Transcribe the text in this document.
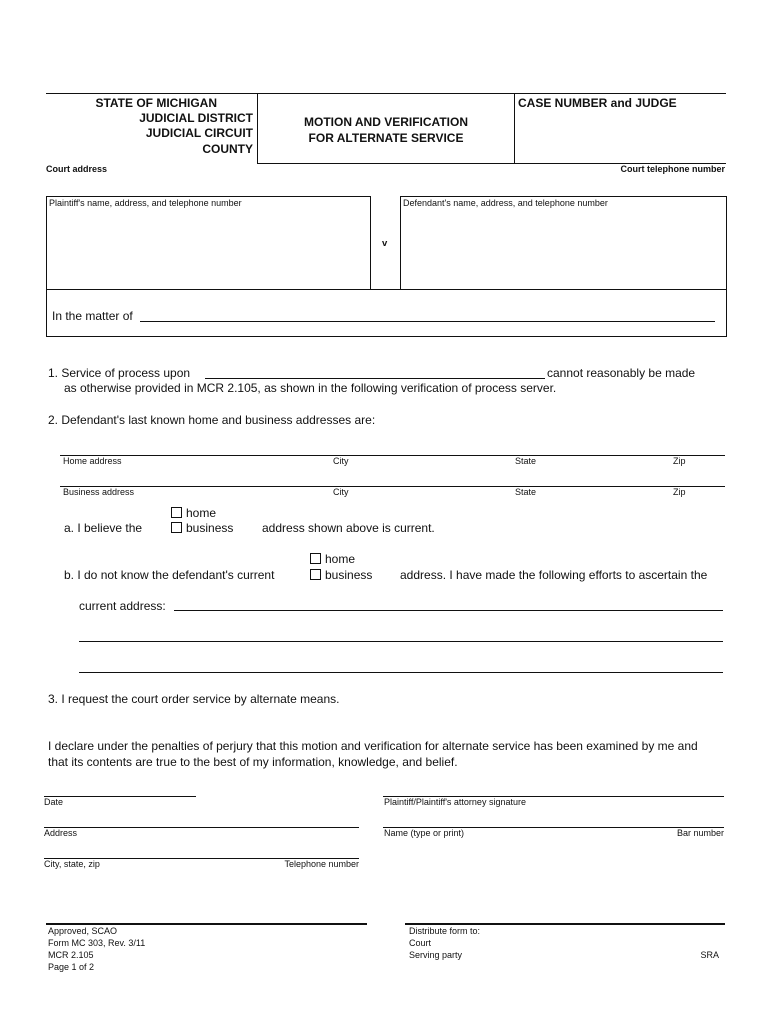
STATE OF MICHIGAN
JUDICIAL DISTRICT
JUDICIAL CIRCUIT
COUNTY
MOTION AND VERIFICATION
FOR ALTERNATE SERVICE
CASE NUMBER and JUDGE
Court address	Court telephone number
Plaintiff's name, address, and telephone number
v
Defendant's name, address, and telephone number
In the matter of
1. Service of process upon	cannot reasonably be made
as otherwise provided in MCR 2.105, as shown in the following verification of process server.
2. Defendant's last known home and business addresses are:
Home address	City	State	Zip
Business address	City	State	Zip
a. I believe the
home
business address shown above is current.
b. I do not know the defendant's current
home
business address. I have made the following efforts to ascertain the
current address:
3. I request the court order service by alternate means.
I declare under the penalties of perjury that this motion and verification for alternate service has been examined by me and
that its contents are true to the best of my information, knowledge, and belief.
Date	Plaintiff/Plaintiff's attorney signature
Address	Name (type or print)	Bar number
City, state, zip	Telephone number
Approved, SCAO
Form MC 303, Rev. 3/11
MCR 2.105
Page 1 of 2
Distribute form to:
Court
Serving party	SRA
